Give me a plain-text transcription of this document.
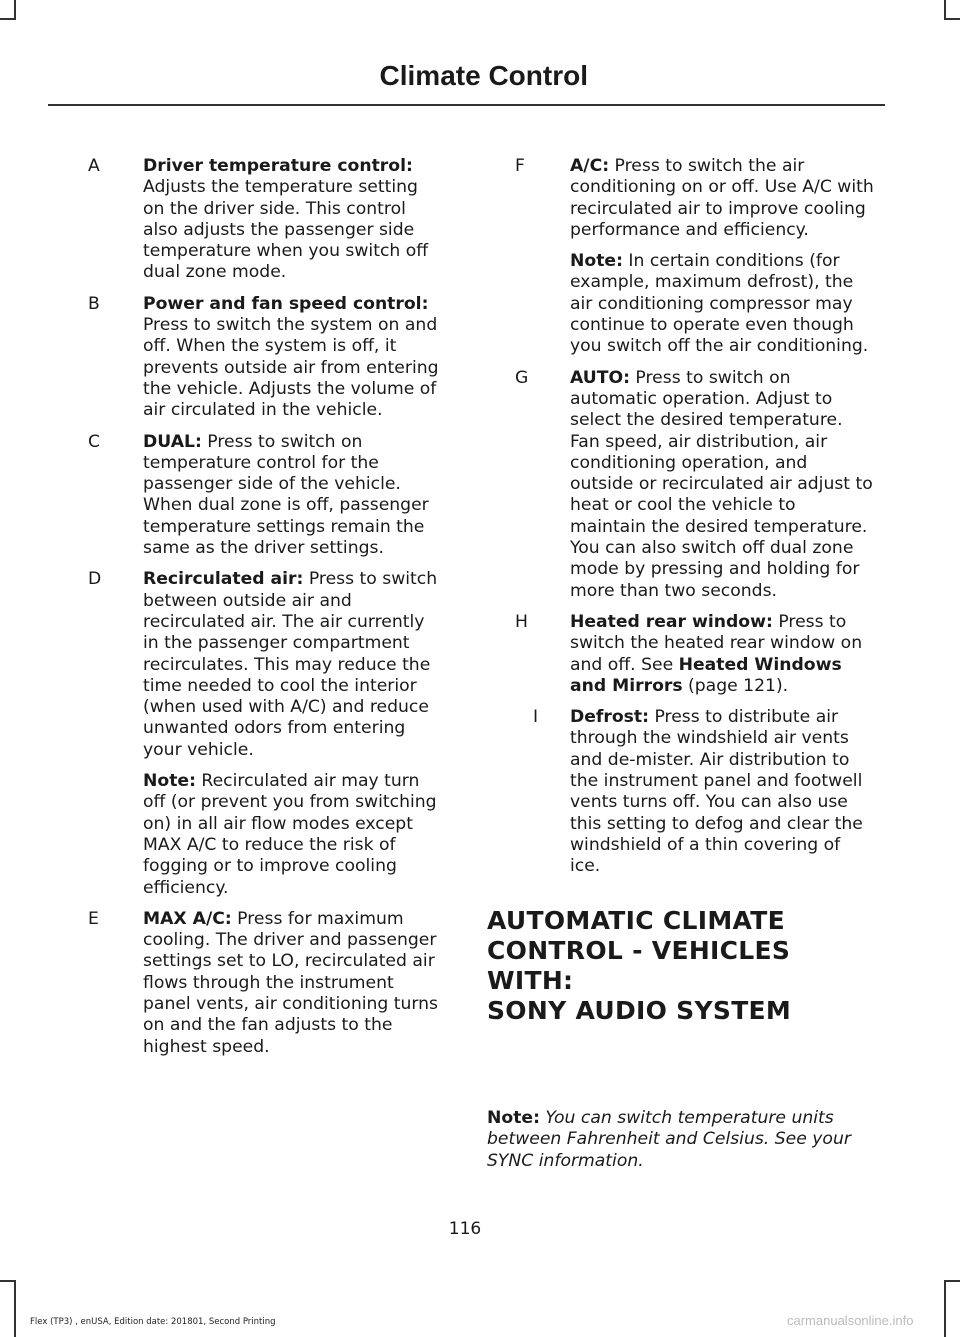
Climate Control
A	Driver temperature control: Adjusts the temperature setting on the driver side. This control also adjusts the passenger side temperature when you switch off dual zone mode.
B	Power and fan speed control: Press to switch the system on and off. When the system is off, it prevents outside air from entering the vehicle. Adjusts the volume of air circulated in the vehicle.
C	DUAL: Press to switch on temperature control for the passenger side of the vehicle. When dual zone is off, passenger temperature settings remain the same as the driver settings.
D	Recirculated air: Press to switch between outside air and recirculated air. The air currently in the passenger compartment recirculates. This may reduce the time needed to cool the interior (when used with A/C) and reduce unwanted odors from entering your vehicle.
Note: Recirculated air may turn off (or prevent you from switching on) in all air flow modes except MAX A/C to reduce the risk of fogging or to improve cooling efficiency.
E	MAX A/C: Press for maximum cooling. The driver and passenger settings set to LO, recirculated air flows through the instrument panel vents, air conditioning turns on and the fan adjusts to the highest speed.
F	A/C: Press to switch the air conditioning on or off. Use A/C with recirculated air to improve cooling performance and efficiency.
Note: In certain conditions (for example, maximum defrost), the air conditioning compressor may continue to operate even though you switch off the air conditioning.
G	AUTO: Press to switch on automatic operation. Adjust to select the desired temperature. Fan speed, air distribution, air conditioning operation, and outside or recirculated air adjust to heat or cool the vehicle to maintain the desired temperature. You can also switch off dual zone mode by pressing and holding for more than two seconds.
H	Heated rear window: Press to switch the heated rear window on and off. See Heated Windows and Mirrors (page 121).
I	Defrost: Press to distribute air through the windshield air vents and de-mister. Air distribution to the instrument panel and footwell vents turns off. You can also use this setting to defog and clear the windshield of a thin covering of ice.
AUTOMATIC CLIMATE
CONTROL - VEHICLES WITH:
SONY AUDIO SYSTEM
Note: You can switch temperature units between Fahrenheit and Celsius. See your SYNC information.
116
Flex (TP3) , enUSA, Edition date: 201801, Second Printing	carmanualsonline.info
